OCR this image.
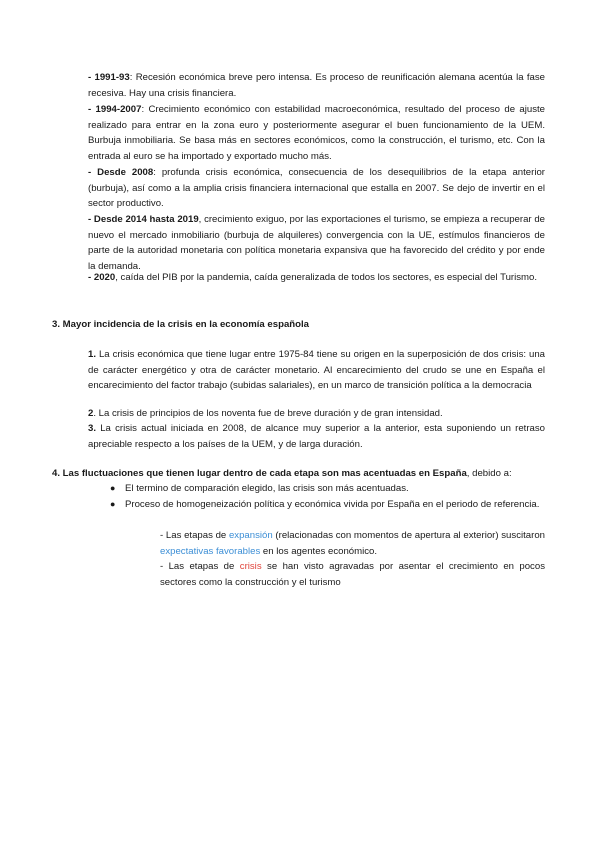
- 1991-93: Recesión económica breve pero intensa. Es proceso de reunificación alemana acentúa la fase recesiva. Hay una crisis financiera.

- 1994-2007: Crecimiento económico con estabilidad macroeconómica, resultado del proceso de ajuste realizado para entrar en la zona euro y posteriormente asegurar el buen funcionamiento de la UEM. Burbuja inmobiliaria. Se basa más en sectores económicos, como la construcción, el turismo, etc. Con la entrada al euro se ha importado y exportado mucho más.

- Desde 2008: profunda crisis económica, consecuencia de los desequilibrios de la etapa anterior (burbuja), así como a la amplia crisis financiera internacional que estalla en 2007. Se dejo de invertir en el sector productivo.

- Desde 2014 hasta 2019, crecimiento exiguo, por las exportaciones el turismo, se empieza a recuperar de nuevo el mercado inmobiliario (burbuja de alquileres) convergencia con la UE, estímulos financieros de parte de la autoridad monetaria con política monetaria expansiva que ha favorecido del crédito y por ende la demanda.

- 2020, caída del PIB por la pandemia, caída generalizada de todos los sectores, es especial del Turismo.

3. Mayor incidencia de la crisis en la economía española

1. La crisis económica que tiene lugar entre 1975-84 tiene su origen en la superposición de dos crisis: una de carácter energético y otra de carácter monetario. Al encarecimiento del crudo se une en España el encarecimiento del factor trabajo (subidas salariales), en un marco de transición política a la democracia

2. La crisis de principios de los noventa fue de breve duración y de gran intensidad.

3. La crisis actual iniciada en 2008, de alcance muy superior a la anterior, esta suponiendo un retraso apreciable respecto a los países de la UEM, y de larga duración.

4. Las fluctuaciones que tienen lugar dentro de cada etapa son mas acentuadas en España, debido a:

● El termino de comparación elegido, las crisis son más acentuadas.

● Proceso de homogeneización política y económica vivida por España en el periodo de referencia.

- Las etapas de expansión (relacionadas con momentos de apertura al exterior) suscitaron expectativas favorables en los agentes económico.

- Las etapas de crisis se han visto agravadas por asentar el crecimiento en pocos sectores como la construcción y el turismo
